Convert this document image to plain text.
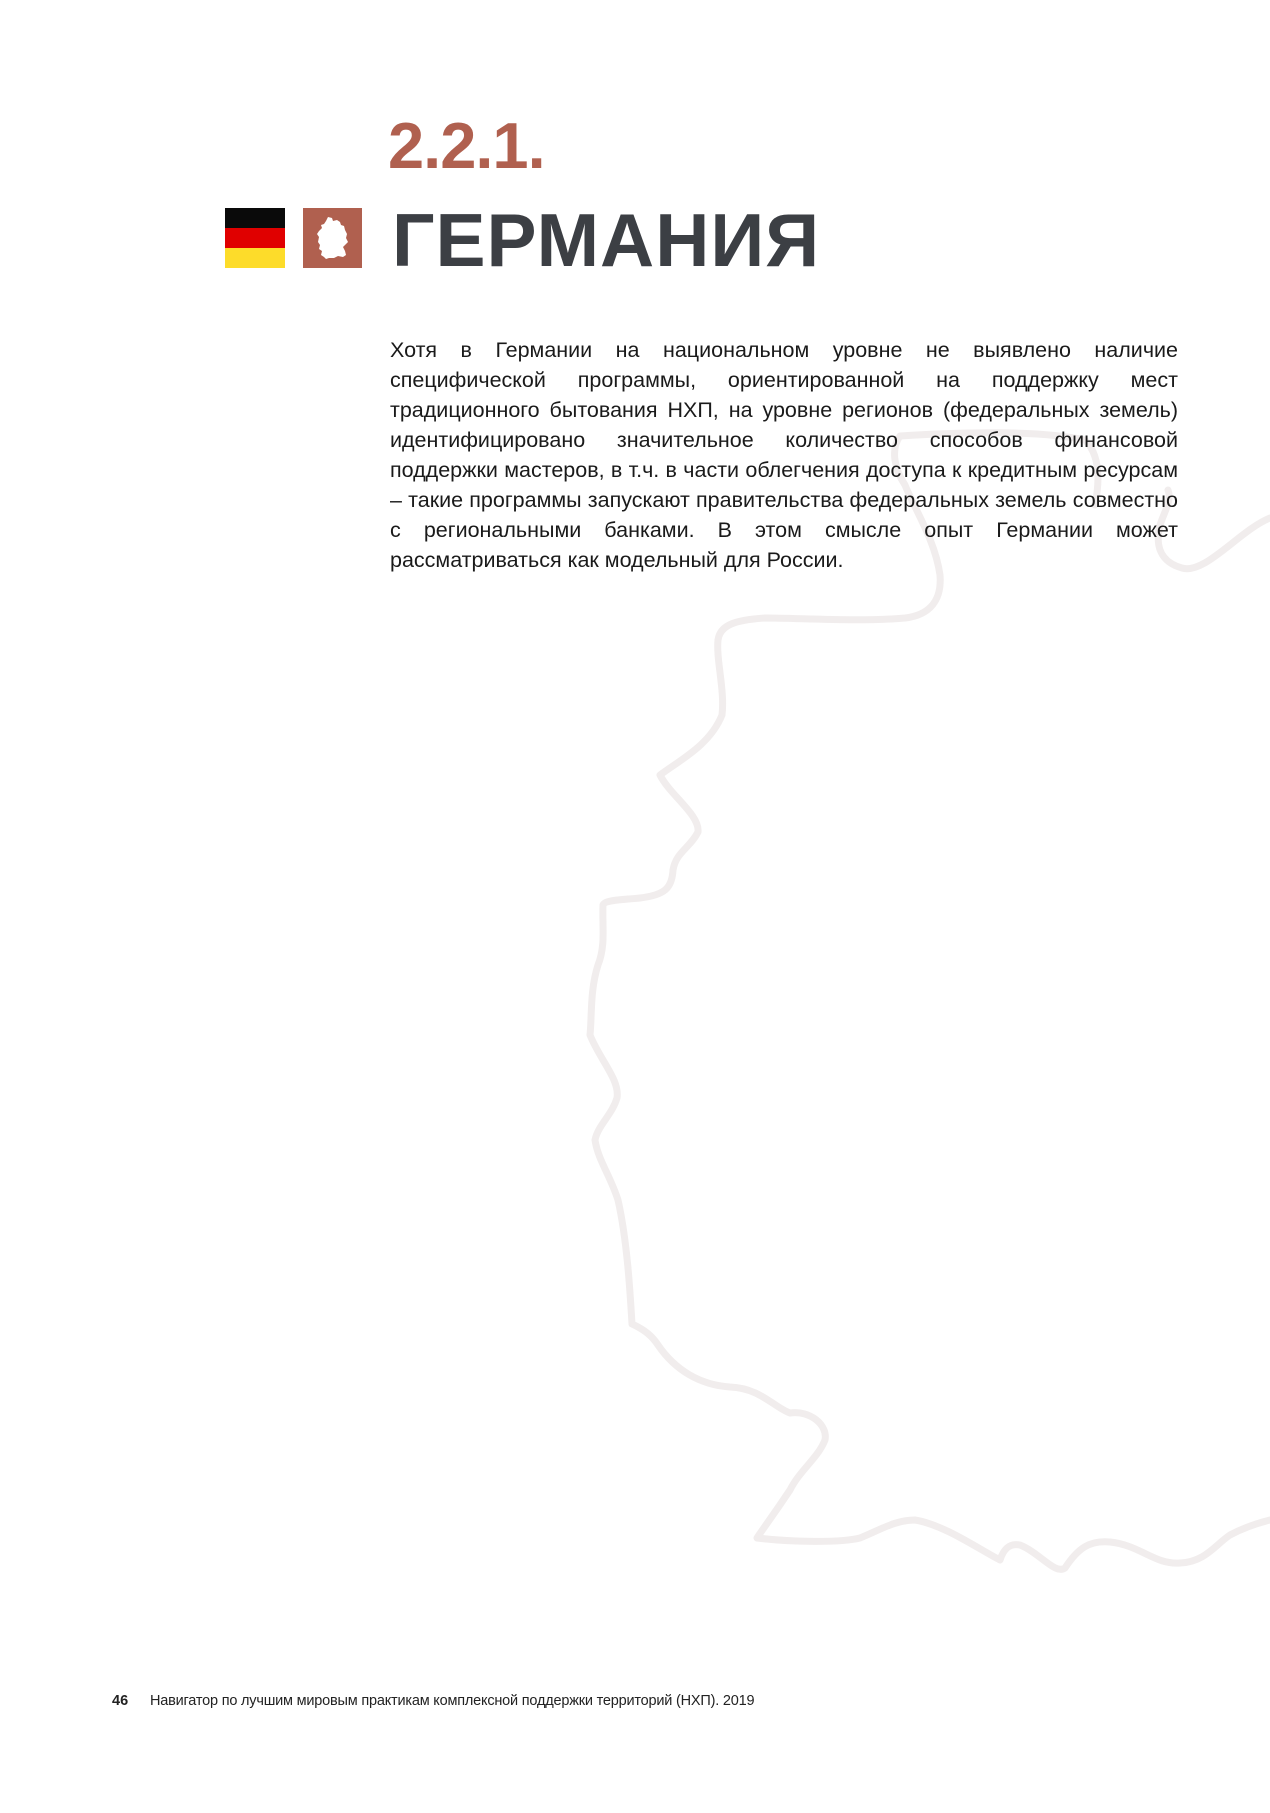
2.2.1.
ГЕРМАНИЯ

Хотя в Германии на национальном уровне не выявлено наличие специфической программы, ориентированной на поддержку мест традиционного бытования НХП, на уровне регионов (федеральных земель) идентифицировано значительное количество способов финансовой поддержки мастеров, в т.ч. в части облегчения доступа к кредитным ресурсам – такие программы запускают правительства федеральных земель совместно с региональными банками. В этом смысле опыт Германии может рассматриваться как модельный для России.

46	Навигатор по лучшим мировым практикам комплексной поддержки территорий (НХП). 2019
